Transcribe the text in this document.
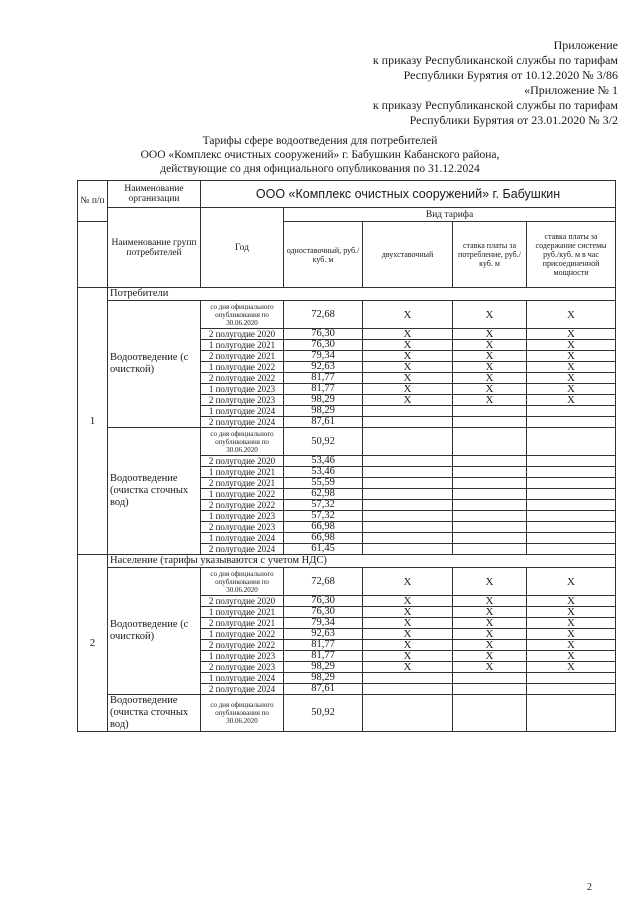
Приложение
к приказу Республиканской службы по тарифам
Республики Бурятия от 10.12.2020 № 3/86
«Приложение № 1
к приказу Республиканской службы по тарифам
Республики Бурятия от 23.01.2020 № 3/2
Тарифы сфере водоотведения для потребителей
ООО «Комплекс очистных сооружений» г. Бабушкин Кабанского района,
действующие со дня официального опубликования по 31.12.2024
№ п/п	Наименование организации	ООО «Комплекс очистных сооружений» г. Бабушкин				
	Наименование групп потребителей	Год	Вид тарифа			
			одноставочный, руб./ куб. м	двухставочный	ставка платы за потребление, руб./ куб. м	ставка платы за содержание системы руб./куб. м в час присоединенной мощности
1	Потребители					
	Водоотведение (с очисткой)	со дня официального опубликования по 30.06.2020	72,68	X	X	X
		2 полугодие 2020	76,30	X	X	X
		1 полугодие 2021	76,30	X	X	X
		2 полугодие 2021	79,34	X	X	X
		1 полугодие 2022	92,63	X	X	X
		2 полугодие 2022	81,77	X	X	X
		1 полугодие 2023	81,77	X	X	X
		2 полугодие 2023	98,29	X	X	X
		1 полугодие 2024	98,29			
		2 полугодие 2024	87,61			
	Водоотведение (очистка сточных вод)	со дня официального опубликования по 30.06.2020	50,92			
		2 полугодие 2020	53,46			
		1 полугодие 2021	53,46			
		2 полугодие 2021	55,59			
		1 полугодие 2022	62,98			
		2 полугодие 2022	57,32			
		1 полугодие 2023	57,32			
		2 полугодие 2023	66,98			
		1 полугодие 2024	66,98			
		2 полугодие 2024	61,45			
2	Население (тарифы указываются с учетом НДС)					
	Водоотведение (с очисткой)	со дня официального опубликования по 30.06.2020	72,68	X	X	X
		2 полугодие 2020	76,30	X	X	X
		1 полугодие 2021	76,30	X	X	X
		2 полугодие 2021	79,34	X	X	X
		1 полугодие 2022	92,63	X	X	X
		2 полугодие 2022	81,77	X	X	X
		1 полугодие 2023	81,77	X	X	X
		2 полугодие 2023	98,29	X	X	X
		1 полугодие 2024	98,29			
		2 полугодие 2024	87,61			
	Водоотведение (очистка сточных вод)	со дня официального опубликования по 30.06.2020	50,92			
2
